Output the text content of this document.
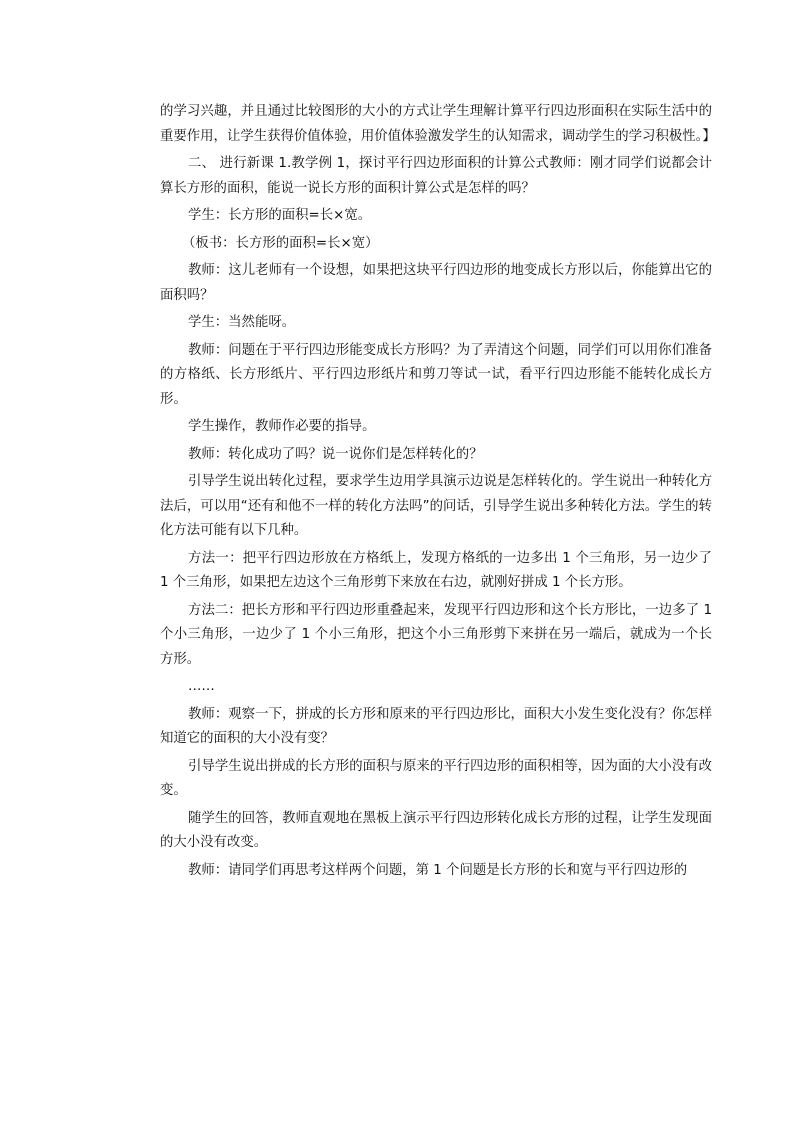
的学习兴趣，并且通过比较图形的大小的方式让学生理解计算平行四边形面积在实际生活中的重要作用，让学生获得价值体验，用价值体验激发学生的认知需求，调动学生的学习积极性。】

二、 进行新课 1.教学例 1，探讨平行四边形面积的计算公式教师：刚才同学们说都会计算长方形的面积，能说一说长方形的面积计算公式是怎样的吗？

学生：长方形的面积=长×宽。

（板书：长方形的面积=长×宽）

教师：这儿老师有一个设想，如果把这块平行四边形的地变成长方形以后，你能算出它的面积吗？

学生：当然能呀。

教师：问题在于平行四边形能变成长方形吗？为了弄清这个问题，同学们可以用你们准备的方格纸、长方形纸片、平行四边形纸片和剪刀等试一试，看平行四边形能不能转化成长方形。

学生操作，教师作必要的指导。

教师：转化成功了吗？说一说你们是怎样转化的？

引导学生说出转化过程，要求学生边用学具演示边说是怎样转化的。学生说出一种转化方法后，可以用“还有和他不一样的转化方法吗”的问话，引导学生说出多种转化方法。学生的转化方法可能有以下几种。

方法一：把平行四边形放在方格纸上，发现方格纸的一边多出 1 个三角形，另一边少了 1 个三角形，如果把左边这个三角形剪下来放在右边，就刚好拼成 1 个长方形。

方法二：把长方形和平行四边形重叠起来，发现平行四边形和这个长方形比，一边多了 1 个小三角形，一边少了 1 个小三角形，把这个小三角形剪下来拼在另一端后，就成为一个长方形。

……

教师：观察一下，拼成的长方形和原来的平行四边形比，面积大小发生变化没有？你怎样知道它的面积的大小没有变？

引导学生说出拼成的长方形的面积与原来的平行四边形的面积相等，因为面的大小没有改变。

随学生的回答，教师直观地在黑板上演示平行四边形转化成长方形的过程，让学生发现面的大小没有改变。

教师：请同学们再思考这样两个问题，第 1 个问题是长方形的长和宽与平行四边形的
